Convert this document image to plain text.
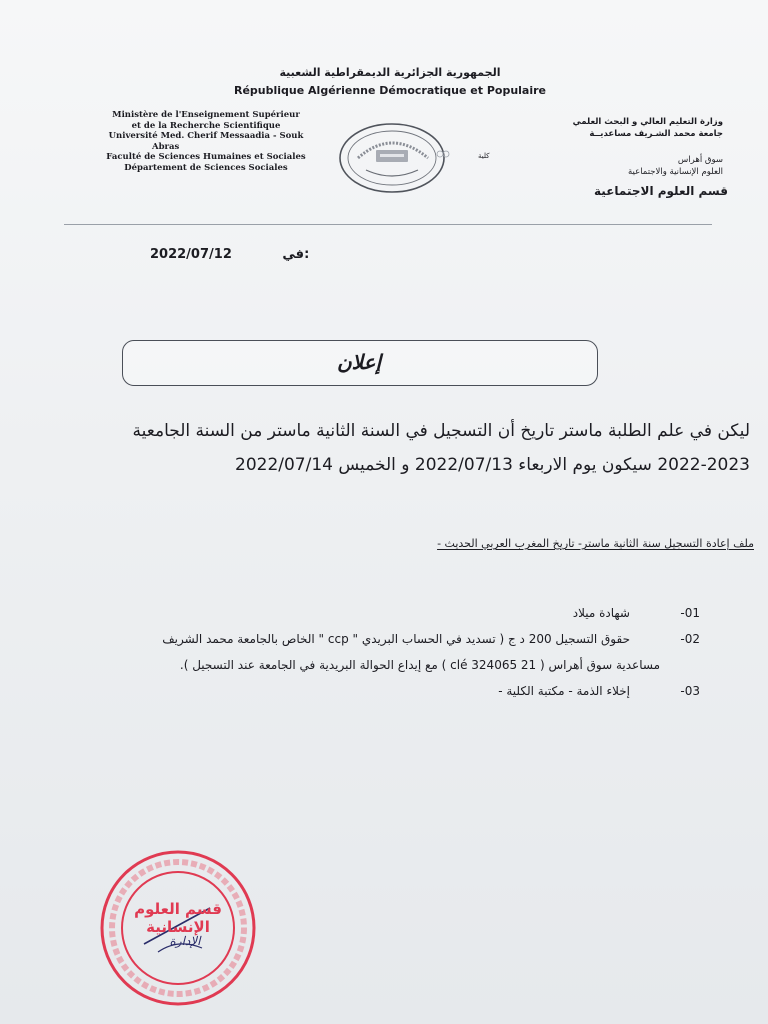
الجمهورية الجزائرية الديمقراطية الشعبية
République Algérienne Démocratique et Populaire
Ministère de l'Enseignement Supérieur
et de la Recherche Scientifique
Université Med. Cherif Messaadia - Souk
Abras
Faculté de Sciences Humaines et Sociales
Département de Sciences Sociales
كلية
وزارة التعليم العالي و البحث العلمي
جامعة محمد الشـريف مساعديــة
سوق أهراس
العلوم الإنسانية والاجتماعية
قسم العلوم الاجتماعية
2022/07/12	في:
إعلان
ليكن في علم الطلبة ماستر تاريخ أن التسجيل في السنة الثانية ماستر من السنة الجامعية
2022-2023 سيكون يوم الاربعاء 2022/07/13 و الخميس 2022/07/14
ملف إعادة التسجيل سنة الثانية ماستر- تاريخ المغرب العربي الحديث -
01-
شهادة ميلاد
02-
حقوق التسجيل 200 د ج ( تسديد في الحساب البريدي " ccp " الخاص بالجامعة محمد الشريف
مساعدية سوق أهراس ( 21 clé 324065 ) مع إيداع الحوالة البريدية في الجامعة عند التسجيل ).
03-
إخلاء الذمة - مكتبة الكلية -
قسم العلوم الإنسانية
الإدارة
